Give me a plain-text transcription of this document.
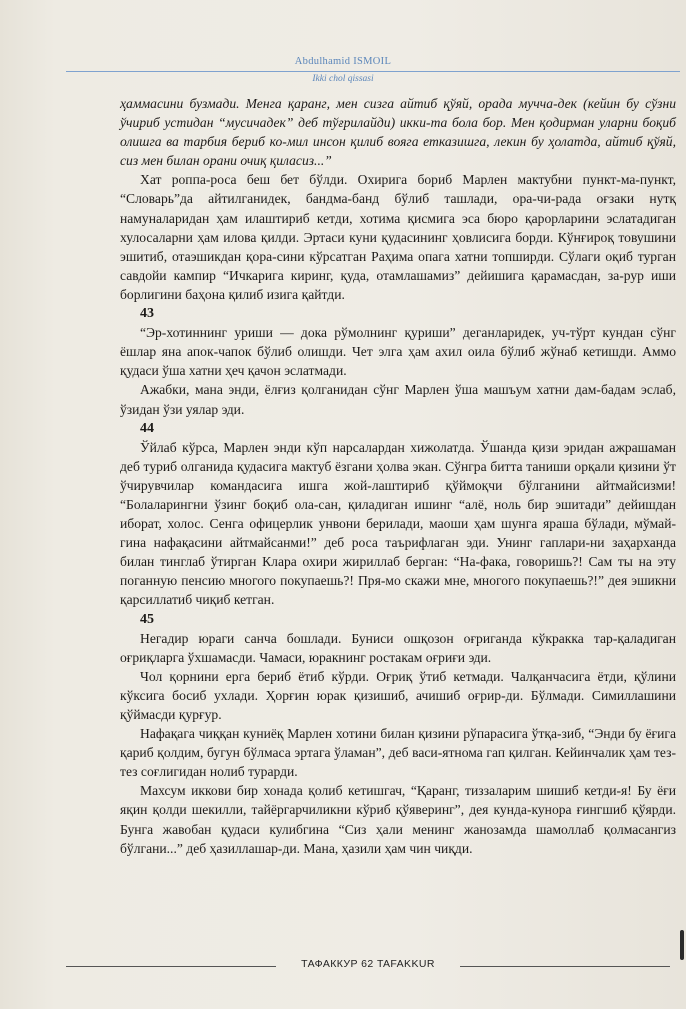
Abdulhamid ISMOIL

Ikki chol qissasi

ҳаммасини бузмади. Менга қаранг, мен сизга айтиб қўяй, орада мучча-дек (кейин бу сўзни ўчириб устидан “мусичадек” деб тўғрилайди) икки-та бола бор. Мен қодирман уларни боқиб олишга ва тарбия бериб ко-мил инсон қилиб вояга етказишга, лекин бу ҳолатда, айтиб қўяй, сиз мен билан орани очиқ қиласиз...”

Хат роппа-роса беш бет бўлди. Охирига бориб Марлен мактубни пункт-ма-пункт, “Словарь”да айтилганидек, бандма-банд бўлиб ташлади, ора-чи-рада оғзаки нутқ намуналаридан ҳам илаштириб кетди, хотима қисмига эса бюро қарорларини эслатадиган хулосаларни ҳам илова қилди. Эртаси куни қудасининг ҳовлисига борди. Кўнғироқ товушини эшитиб, отаэшикдан қора-сини кўрсатган Раҳима опага хатни топширди. Сўлаги оқиб турган савдойи кампир “Ичкарига киринг, қуда, отамлашамиз” дейишига қарамасдан, за-рур иши борлигини баҳона қилиб изига қайтди.

43

“Эр-хотиннинг уриши — дока рўмолнинг қуриши” деганларидек, уч-тўрт кундан сўнг ёшлар яна апок-чапок бўлиб олишди. Чет элга ҳам ахил оила бўлиб жўнаб кетишди. Аммо қудаси ўша хатни ҳеч қачон эслатмади.

Ажабки, мана энди, ёлғиз қолганидан сўнг Марлен ўша машъум хатни дам-бадам эслаб, ўзидан ўзи уялар эди.

44

Ўйлаб кўрса, Марлен энди кўп нарсалардан хижолатда. Ўшанда қизи эридан ажрашаман деб туриб олганида қудасига мактуб ёзгани ҳолва экан. Сўнгра битта таниши орқали қизини ўт ўчирувчилар командасига ишга жой-лаштириб қўймоқчи бўлганини айтмайсизми! “Болаларингни ўзинг боқиб ола-сан, қиладиган ишинг “алё, ноль бир эшитади” дейишдан иборат, холос. Сенга офицерлик унвони берилади, маоши ҳам шунга яраша бўлади, мўмай-гина нафақасини айтмайсанми!” деб роса таърифлаган эди. Унинг гаплари-ни заҳархандa билан тинглаб ўтирган Клара охири жириллаб берган: “На-фака, говоришь?! Сам ты на эту поганную пенсию многого покупаешь?! Пря-мо скажи мне, многого покупаешь?!” дея эшикни қарсиллатиб чиқиб кетган.

45

Негадир юраги санча бошлади. Буниси ошқозон оғриганда кўкракка тар-қаладиган оғриқларга ўхшамасди. Чамаси, юракнинг ростакам оғриғи эди.

Чол қорнини ерга бериб ётиб кўрди. Оғриқ ўтиб кетмади. Чалқанчасига ётди, қўлини кўксига босиб ухлади. Ҳорғин юрак қизишиб, ачишиб оғрир-ди. Бўлмади. Симиллашини қўймасди қурғур.

Нафақага чиққан куниёқ Марлен хотини билан қизини рўпарасига ўтқа-зиб, “Энди бу ёғига қариб қолдим, бугун бўлмаса эртага ўламан”, деб васи-ятнома гап қилган. Кейинчалик ҳам тез-тез соғлигидан нолиб турарди.

Махсум иккови бир хонада қолиб кетишгач, “Қаранг, тиззаларим шишиб кетди-я! Бу ёғи яқин қолди шекилли, тайёргарчиликни кўриб қўяверинг”, дея кунда-кунора ғингшиб қўярди. Бунга жавобан қудаси кулибгина “Сиз ҳали менинг жанозамда шамоллаб қолмасангиз бўлгани...” деб ҳазиллашар-ди. Мана, ҳазили ҳам чин чиқди.

ТАФАККУР 62 TAFAKKUR
